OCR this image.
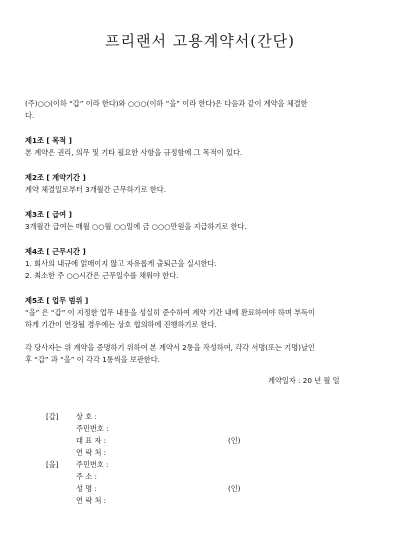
프리랜서 고용계약서(간단)
(주)○○(이하 “갑” 이라 한다)와 ○○○(이하 “을” 이라 한다)은 다음과 같이 계약을 체결한
다.
제1조 [ 목적 ]
본 계약은 권리, 의무 및 기타 필요한 사항을 규정함에 그 목적이 있다.
제2조 [ 계약기간 ]
계약 체결일로부터 3개월간 근무하기로 한다.
제3조 [ 급여 ]
3개월간 급여는 매월 ○○월 ○○일에 금 ○○○만원을 지급하기로 한다.
제4조 [ 근무시간 ]
1. 회사의 내규에 얽매이지 않고 자유롭게 출퇴근을 실시한다.
2. 최소한 주 ○○시간은 근무일수를 채워야 한다.
제5조 [ 업무 범위 ]
“을” 은 “갑” 이 지정한 업무 내용을 성실히 준수하여 계약 기간 내에 완료하여야 하며 부득이
하게 기간이 연장될 경우에는 상호 협의하에 진행하기로 한다.
각 당사자는 위 계약을 증명하기 위하여 본 계약서 2통을 작성하여, 각각 서명(또는 기명)날인
후 “갑” 과 “을” 이 각각 1통씩을 보관한다.
계약일자 : 20 년 월 일
[갑] 상 호 :
주민번호 :
대 표 자 :	(인)
연 락 처 :
[을] 주민번호 :
주 소 :
성 명 :	(인)
연 락 처 :
